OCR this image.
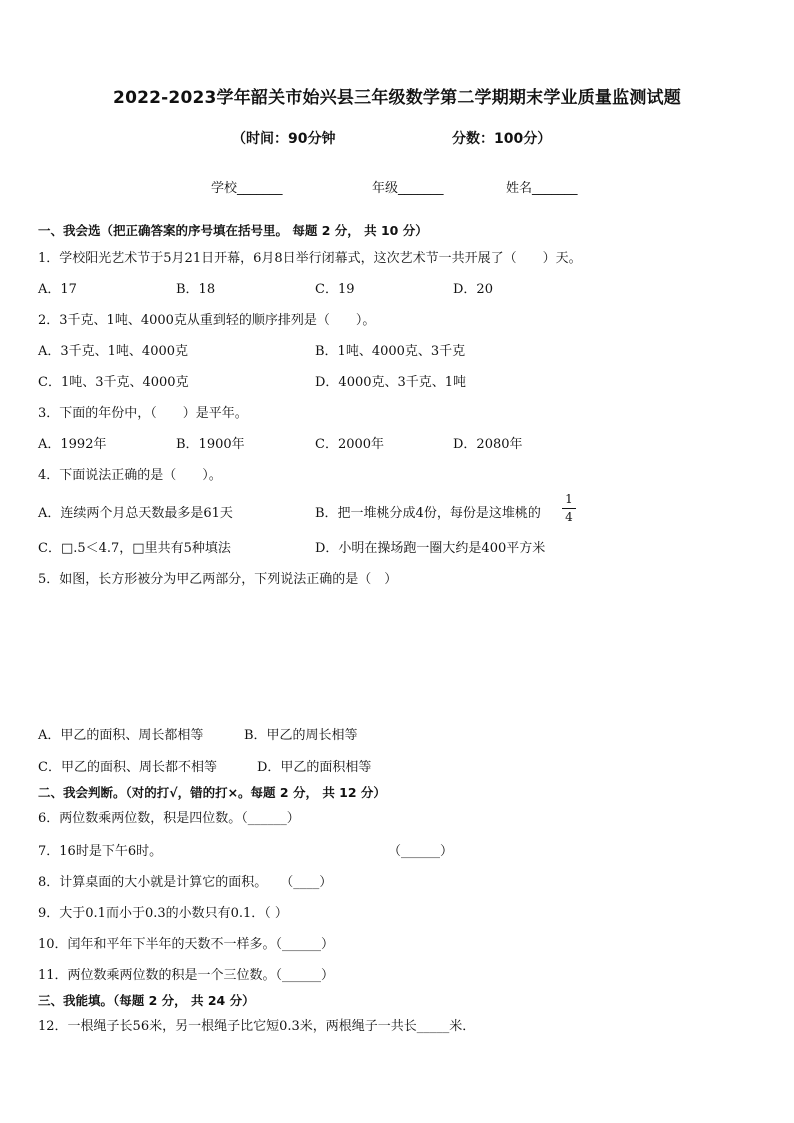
2022-2023学年韶关市始兴县三年级数学第二学期期末学业质量监测试题
（时间：90分钟	分数：100分）
学校_______	年级_______	姓名_______
一、我会选（把正确答案的序号填在括号里。 每题 2 分， 共 10 分）
1．学校阳光艺术节于5月21日开幕，6月8日举行闭幕式，这次艺术节一共开展了（　　）天。
A．17	B．18	C．19	D．20
2．3千克、1吨、4000克从重到轻的顺序排列是（　　）。
A．3千克、1吨、4000克	B．1吨、4000克、3千克
C．1吨、3千克、4000克	D．4000克、3千克、1吨
3．下面的年份中，（　　）是平年。
A．1992年	B．1900年	C．2000年	D．2080年
4．下面说法正确的是（　　）。
A．连续两个月总天数最多是61天	B．把一堆桃分成4份，每份是这堆桃的
1
4
C．□.5＜4.7，□里共有5种填法	D．小明在操场跑一圈大约是400平方米
5．如图，长方形被分为甲乙两部分，下列说法正确的是（　）
A．甲乙的面积、周长都相等	B．甲乙的周长相等
C．甲乙的面积、周长都不相等	D．甲乙的面积相等
二、我会判断。（对的打√，错的打×。每题 2 分， 共 12 分）
6．两位数乘两位数，积是四位数。（______）
7．16时是下午6时。	（______）
8．计算桌面的大小就是计算它的面积。　　（____）
9．大于0.1而小于0.3的小数只有0.1．（ ）
10．闰年和平年下半年的天数不一样多。（______）
11．两位数乘两位数的积是一个三位数。（______）
三、我能填。（每题 2 分， 共 24 分）
12．一根绳子长56米，另一根绳子比它短0.3米，两根绳子一共长_____米．
